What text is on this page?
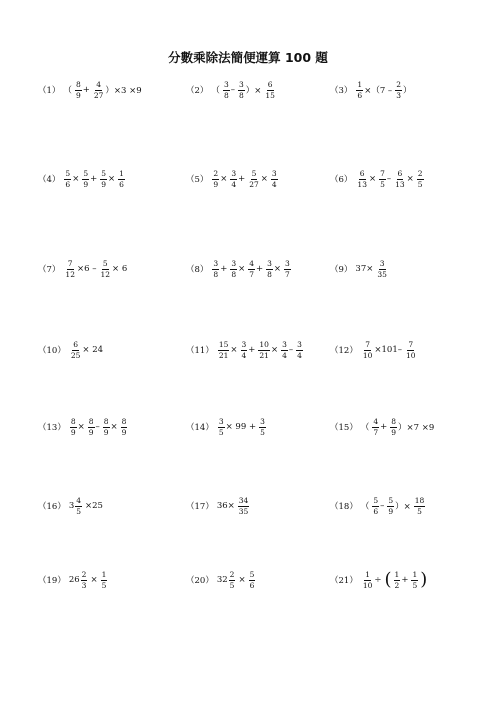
分數乘除法簡便運算 100 題
（1） （ $\frac{8}{9} + \frac{4}{27} )\times 3 \times 9$	（2） （ $\frac{3}{8} - \frac{3}{8}$ ）× $\frac{6}{15}$	$(3) \frac{1}{6} \times(7 - \frac{2}{3}$ ）
$(4) \frac{5}{6} \times \frac{5}{9} + \frac{5}{9} \times \frac{1}{6}$	$(5) \frac{2}{9} \times \frac{3}{4} + \frac{5}{27} \times \frac{3}{4}$	$(6) \frac{6}{13} \times \frac{7}{5} - \frac{6}{13} \times \frac{2}{5}$
$(7) \frac{7}{12} \times 6 - \frac{5}{12} \times 6$	$(8) \frac{3}{8} + \frac{3}{8} \times \frac{4}{7} + \frac{3}{8} \times \frac{3}{7}$	（9） $37\times \frac{3}{35}$
$(10) \frac{6}{25} \times 24$	$(11) \frac{15}{21} \times \frac{3}{4} + \frac{10}{21} \times \frac{3}{4} - \frac{3}{4}$	$(12) \frac{7}{10} \times 101- \frac{7}{10}$
$(13) \frac{8}{9} \times \frac{8}{9} - \frac{8}{9} \times \frac{8}{9}$	$(14) \frac{3}{5} \times 99 + \frac{3}{5}$	（15） （ $\frac{4}{7} + \frac{8}{9} )\times 7 \times 9$
（16） $3 \frac{4}{5} \times 25$	（17） $36\times \frac{34}{35}$	（18） （ $\frac{5}{6} - \frac{5}{9}$ ）× $\frac{18}{5}$
（19） $26 \frac{2}{3} \times \frac{1}{5}$	（20） $32 \frac{2}{5} \times \frac{5}{6}$	$(21) \frac{1}{10}$ ÷ ( $\frac{1}{2} + \frac{1}{5}$ )
